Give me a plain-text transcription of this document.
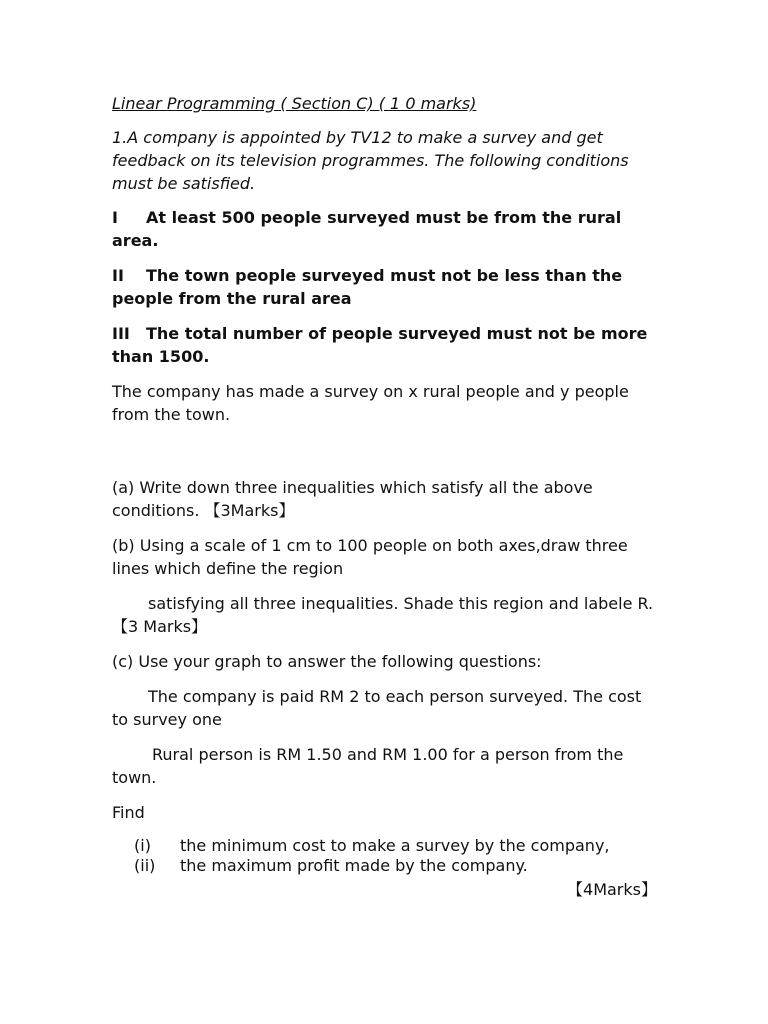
Linear Programming ( Section C) ( 1 0 marks)

1.A company is appointed by TV12 to make a survey and get feedback on its television programmes. The following conditions must be satisfied.

I At least 500 people surveyed must be from the rural area.

II The town people surveyed must not be less than the people from the rural area

III The total number of people surveyed must not be more than 1500.

The company has made a survey on x rural people and y people from the town.

(a) Write down three inequalities which satisfy all the above conditions. 【3Marks】

(b) Using a scale of 1 cm to 100 people on both axes,draw three lines which define the region

satisfying all three inequalities. Shade this region and labele R. 【3 Marks】

(c) Use your graph to answer the following questions:

The company is paid RM 2 to each person surveyed. The cost to survey one

Rural person is RM 1.50 and RM 1.00 for a person from the town.

Find

(i)	the minimum cost to make a survey by the company,
(ii)	the maximum profit made by the company.

【4Marks】
